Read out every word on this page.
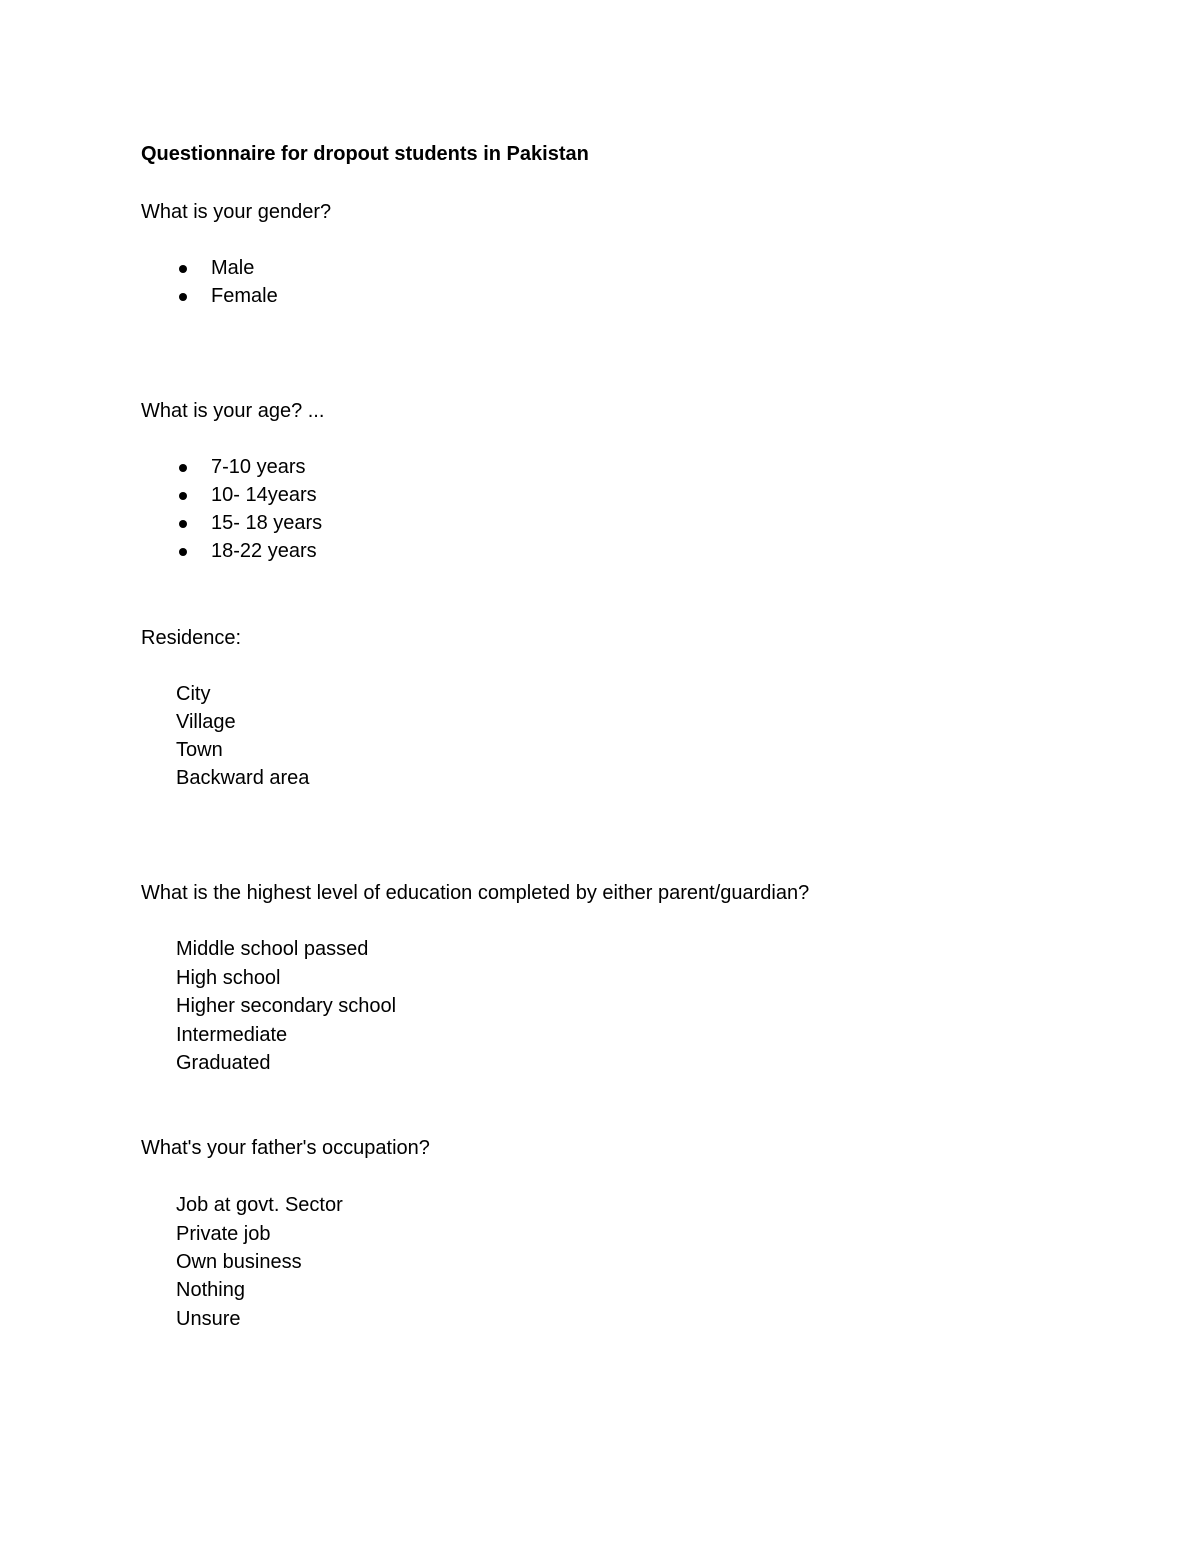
Questionnaire for dropout students in Pakistan
What is your gender?
Male
Female
What is your age? ...
7-10 years
10- 14years
15- 18 years
18-22 years
Residence:
City
Village
Town
Backward area
What is the highest level of education completed by either parent/guardian?
Middle school passed
High school
Higher secondary school
Intermediate
Graduated
What's your father's occupation?
Job at govt. Sector
Private job
Own business
Nothing
Unsure
